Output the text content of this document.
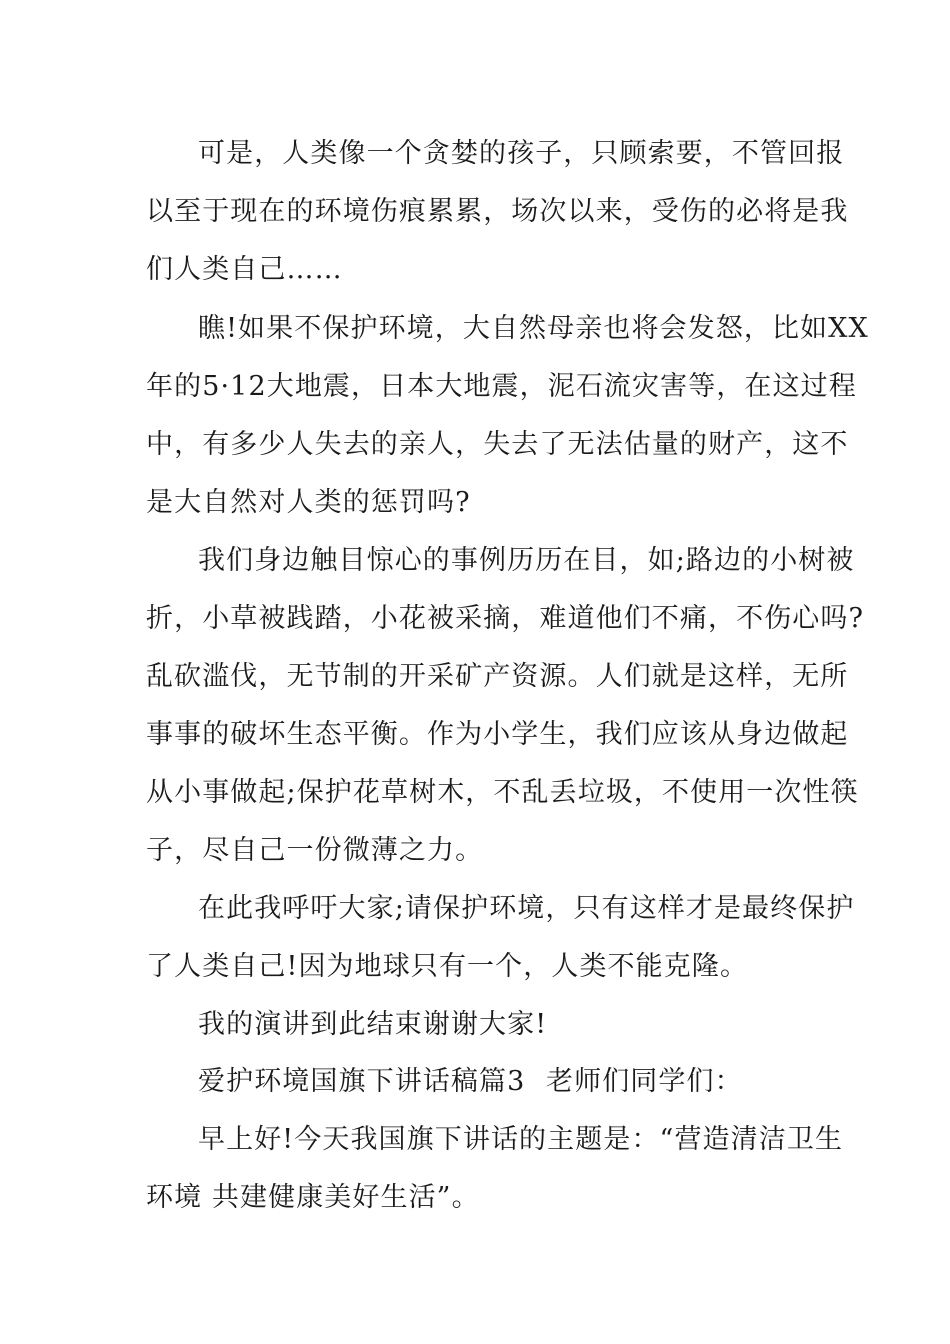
可是，人类像一个贪婪的孩子，只顾索要，不管回报
以至于现在的环境伤痕累累，场次以来，受伤的必将是我
们人类自己……
瞧!如果不保护环境，大自然母亲也将会发怒，比如XX
年的5·12大地震，日本大地震，泥石流灾害等，在这过程
中，有多少人失去的亲人，失去了无法估量的财产，这不
是大自然对人类的惩罚吗?
我们身边触目惊心的事例历历在目，如;路边的小树被
折，小草被践踏，小花被采摘，难道他们不痛，不伤心吗?
乱砍滥伐，无节制的开采矿产资源。人们就是这样，无所
事事的破坏生态平衡。作为小学生，我们应该从身边做起
从小事做起;保护花草树木，不乱丢垃圾，不使用一次性筷
子，尽自己一份微薄之力。
在此我呼吁大家;请保护环境，只有这样才是最终保护
了人类自己!因为地球只有一个，人类不能克隆。
我的演讲到此结束谢谢大家!
爱护环境国旗下讲话稿篇3 老师们同学们：
早上好!今天我国旗下讲话的主题是：“营造清洁卫生
环境 共建健康美好生活”。
